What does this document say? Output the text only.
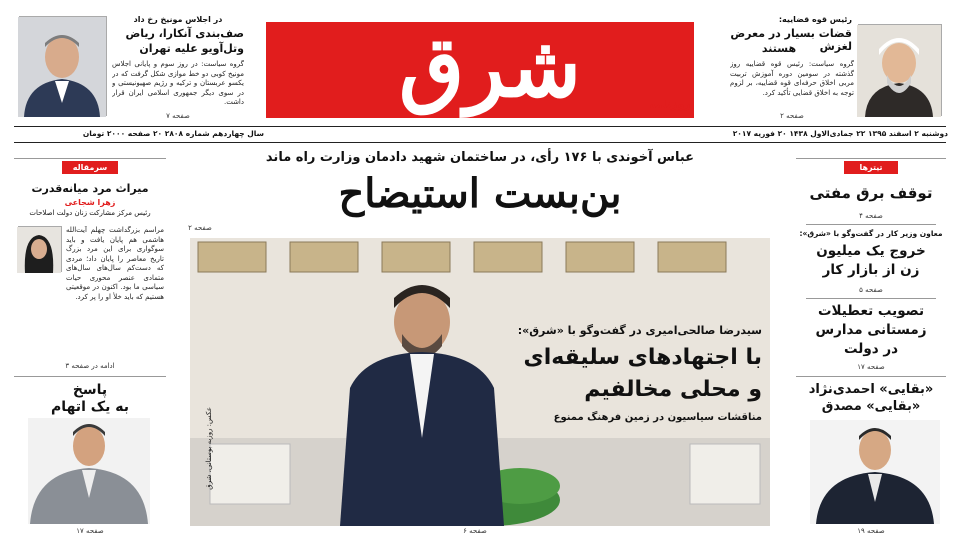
رئیس قوه قضاییه:
قضات بسیار در معرض لغزش
هستند
گروه سیاست: رئیس قوه قضاییه روز گذشته در سومین دوره آموزش تربیت مربی اخلاق حرفه‌ای قوه قضاییه، بر لزوم توجه به اخلاق قضایی تأکید کرد.
صفحه ۲
شرق	روزنامه
در اجلاس مونیخ رخ داد
صف‌بندی آنکارا، ریاض
وتل‌آویو علیه تهران
گروه سیاست: در روز سوم و پایانی اجلاس مونیخ کوبی دو خط موازی شکل گرفت که در یکسو عربستان و ترکیه و رژیم صهیونیستی و در سوی دیگر جمهوری اسلامی ایران قرار داشت.
صفحه ۷
دوشنبه ۲ اسفند ۱۳۹۵ ۲۲ جمادی‌الاول ۱۴۳۸ ۲۰ فوریه ۲۰۱۷
سال چهاردهم شماره ۲۸۰۸ ۲۰ صفحه ۲۰۰۰ تومان
عباس آخوندی با ۱۷۶ رأی، در ساختمان شهید دادمان وزارت راه ماند
بن‌بست استیضاح
صفحه ۲
سیدرضا صالحی‌امیری در گفت‌وگو با «شرق»:
با اجتهادهای سلیقه‌ای
و محلی مخالفیم
مناقشات سیاسیون در زمین فرهنگ ممنوع
عکس: روزبه بوستانی، شرق
صفحه ۶
سرمقاله
میراث مرد میانه‌قدرت
زهرا شجاعی
رئیس مرکز مشارکت زنان دولت اصلاحات
مراسم بزرگداشت چهلم آیت‌الله هاشمی هم پایان یافت و باید سوگواری برای این مرد بزرگ تاریخ معاصر را پایان داد؛ مردی که دست‌کم سال‌های سال‌های متمادی عنصر محوری حیات سیاسی ما بود. اکنون در موقعیتی هستیم که باید خلأ او را پر کرد.
ادامه در صفحه ۳
پاسخ
به یک اتهام
صفحه ۱۷
تیترها
توقف برق مفتی
صفحه ۴
معاون وزیر کار در گفت‌وگو با «شرق»:
خروج یک میلیون زن از بازار کار
صفحه ۵
تصویب تعطیلات زمستانی مدارس در دولت
صفحه ۱۷
«بقایی» احمدی‌نژاد
«بقایی» مصدق
صفحه ۱۹
